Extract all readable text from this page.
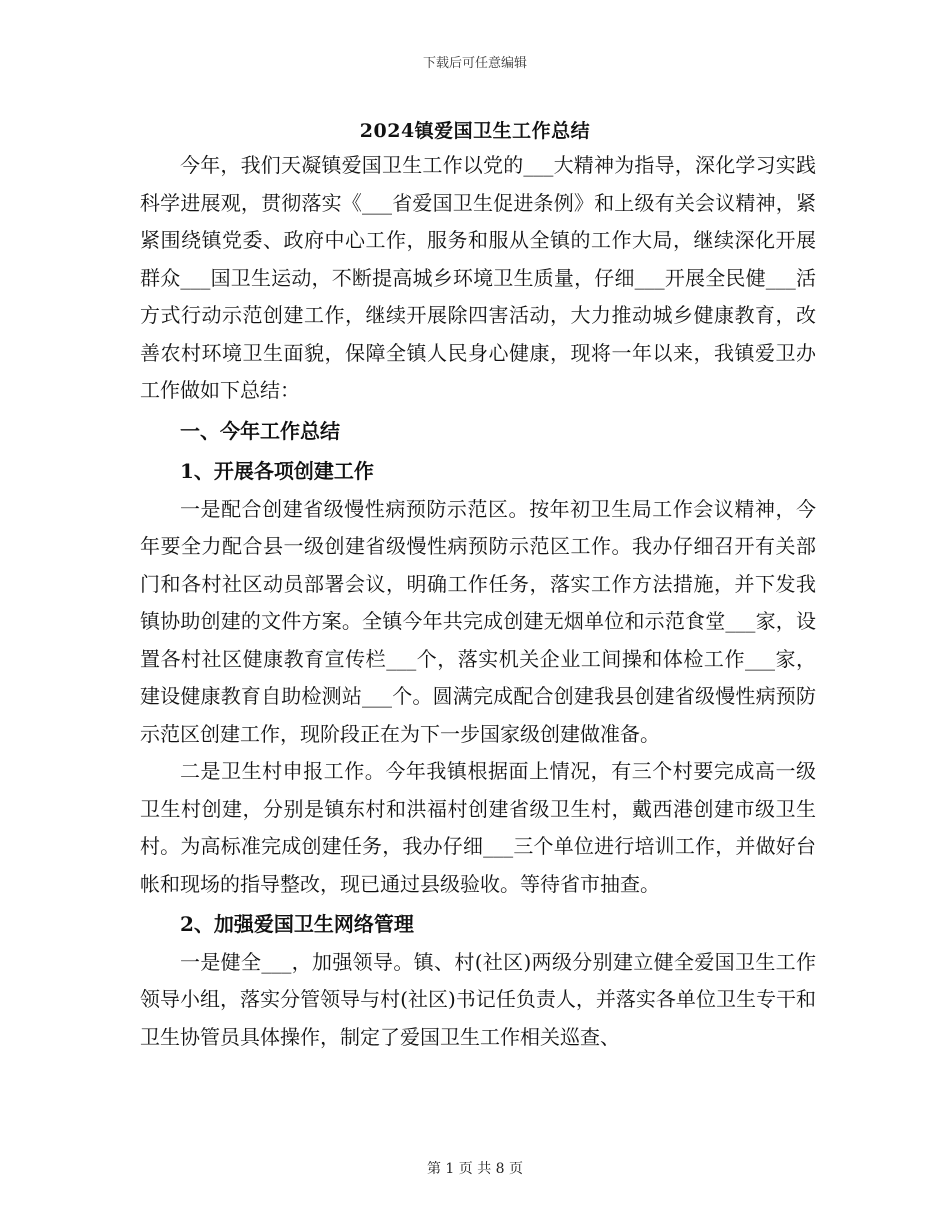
下载后可任意编辑
2024镇爱国卫生工作总结

今年，我们天凝镇爱国卫生工作以党的___大精神为指导，深化学习实践科学进展观，贯彻落实《___省爱国卫生促进条例》和上级有关会议精神，紧紧围绕镇党委、政府中心工作，服务和服从全镇的工作大局，继续深化开展群众___国卫生运动，不断提高城乡环境卫生质量，仔细___开展全民健___活方式行动示范创建工作，继续开展除四害活动，大力推动城乡健康教育，改善农村环境卫生面貌，保障全镇人民身心健康，现将一年以来，我镇爱卫办工作做如下总结：

一、今年工作总结

1、开展各项创建工作

一是配合创建省级慢性病预防示范区。按年初卫生局工作会议精神，今年要全力配合县一级创建省级慢性病预防示范区工作。我办仔细召开有关部门和各村社区动员部署会议，明确工作任务，落实工作方法措施，并下发我镇协助创建的文件方案。全镇今年共完成创建无烟单位和示范食堂___家，设置各村社区健康教育宣传栏___个，落实机关企业工间操和体检工作___家，建设健康教育自助检测站___个。圆满完成配合创建我县创建省级慢性病预防示范区创建工作，现阶段正在为下一步国家级创建做准备。

二是卫生村申报工作。今年我镇根据面上情况，有三个村要完成高一级卫生村创建，分别是镇东村和洪福村创建省级卫生村，戴西港创建市级卫生村。为高标准完成创建任务，我办仔细___三个单位进行培训工作，并做好台帐和现场的指导整改，现已通过县级验收。等待省市抽查。

2、加强爱国卫生网络管理

一是健全___，加强领导。镇、村(社区)两级分别建立健全爱国卫生工作领导小组，落实分管领导与村(社区)书记任负责人，并落实各单位卫生专干和卫生协管员具体操作，制定了爱国卫生工作相关巡查、

第 1 页 共 8 页
